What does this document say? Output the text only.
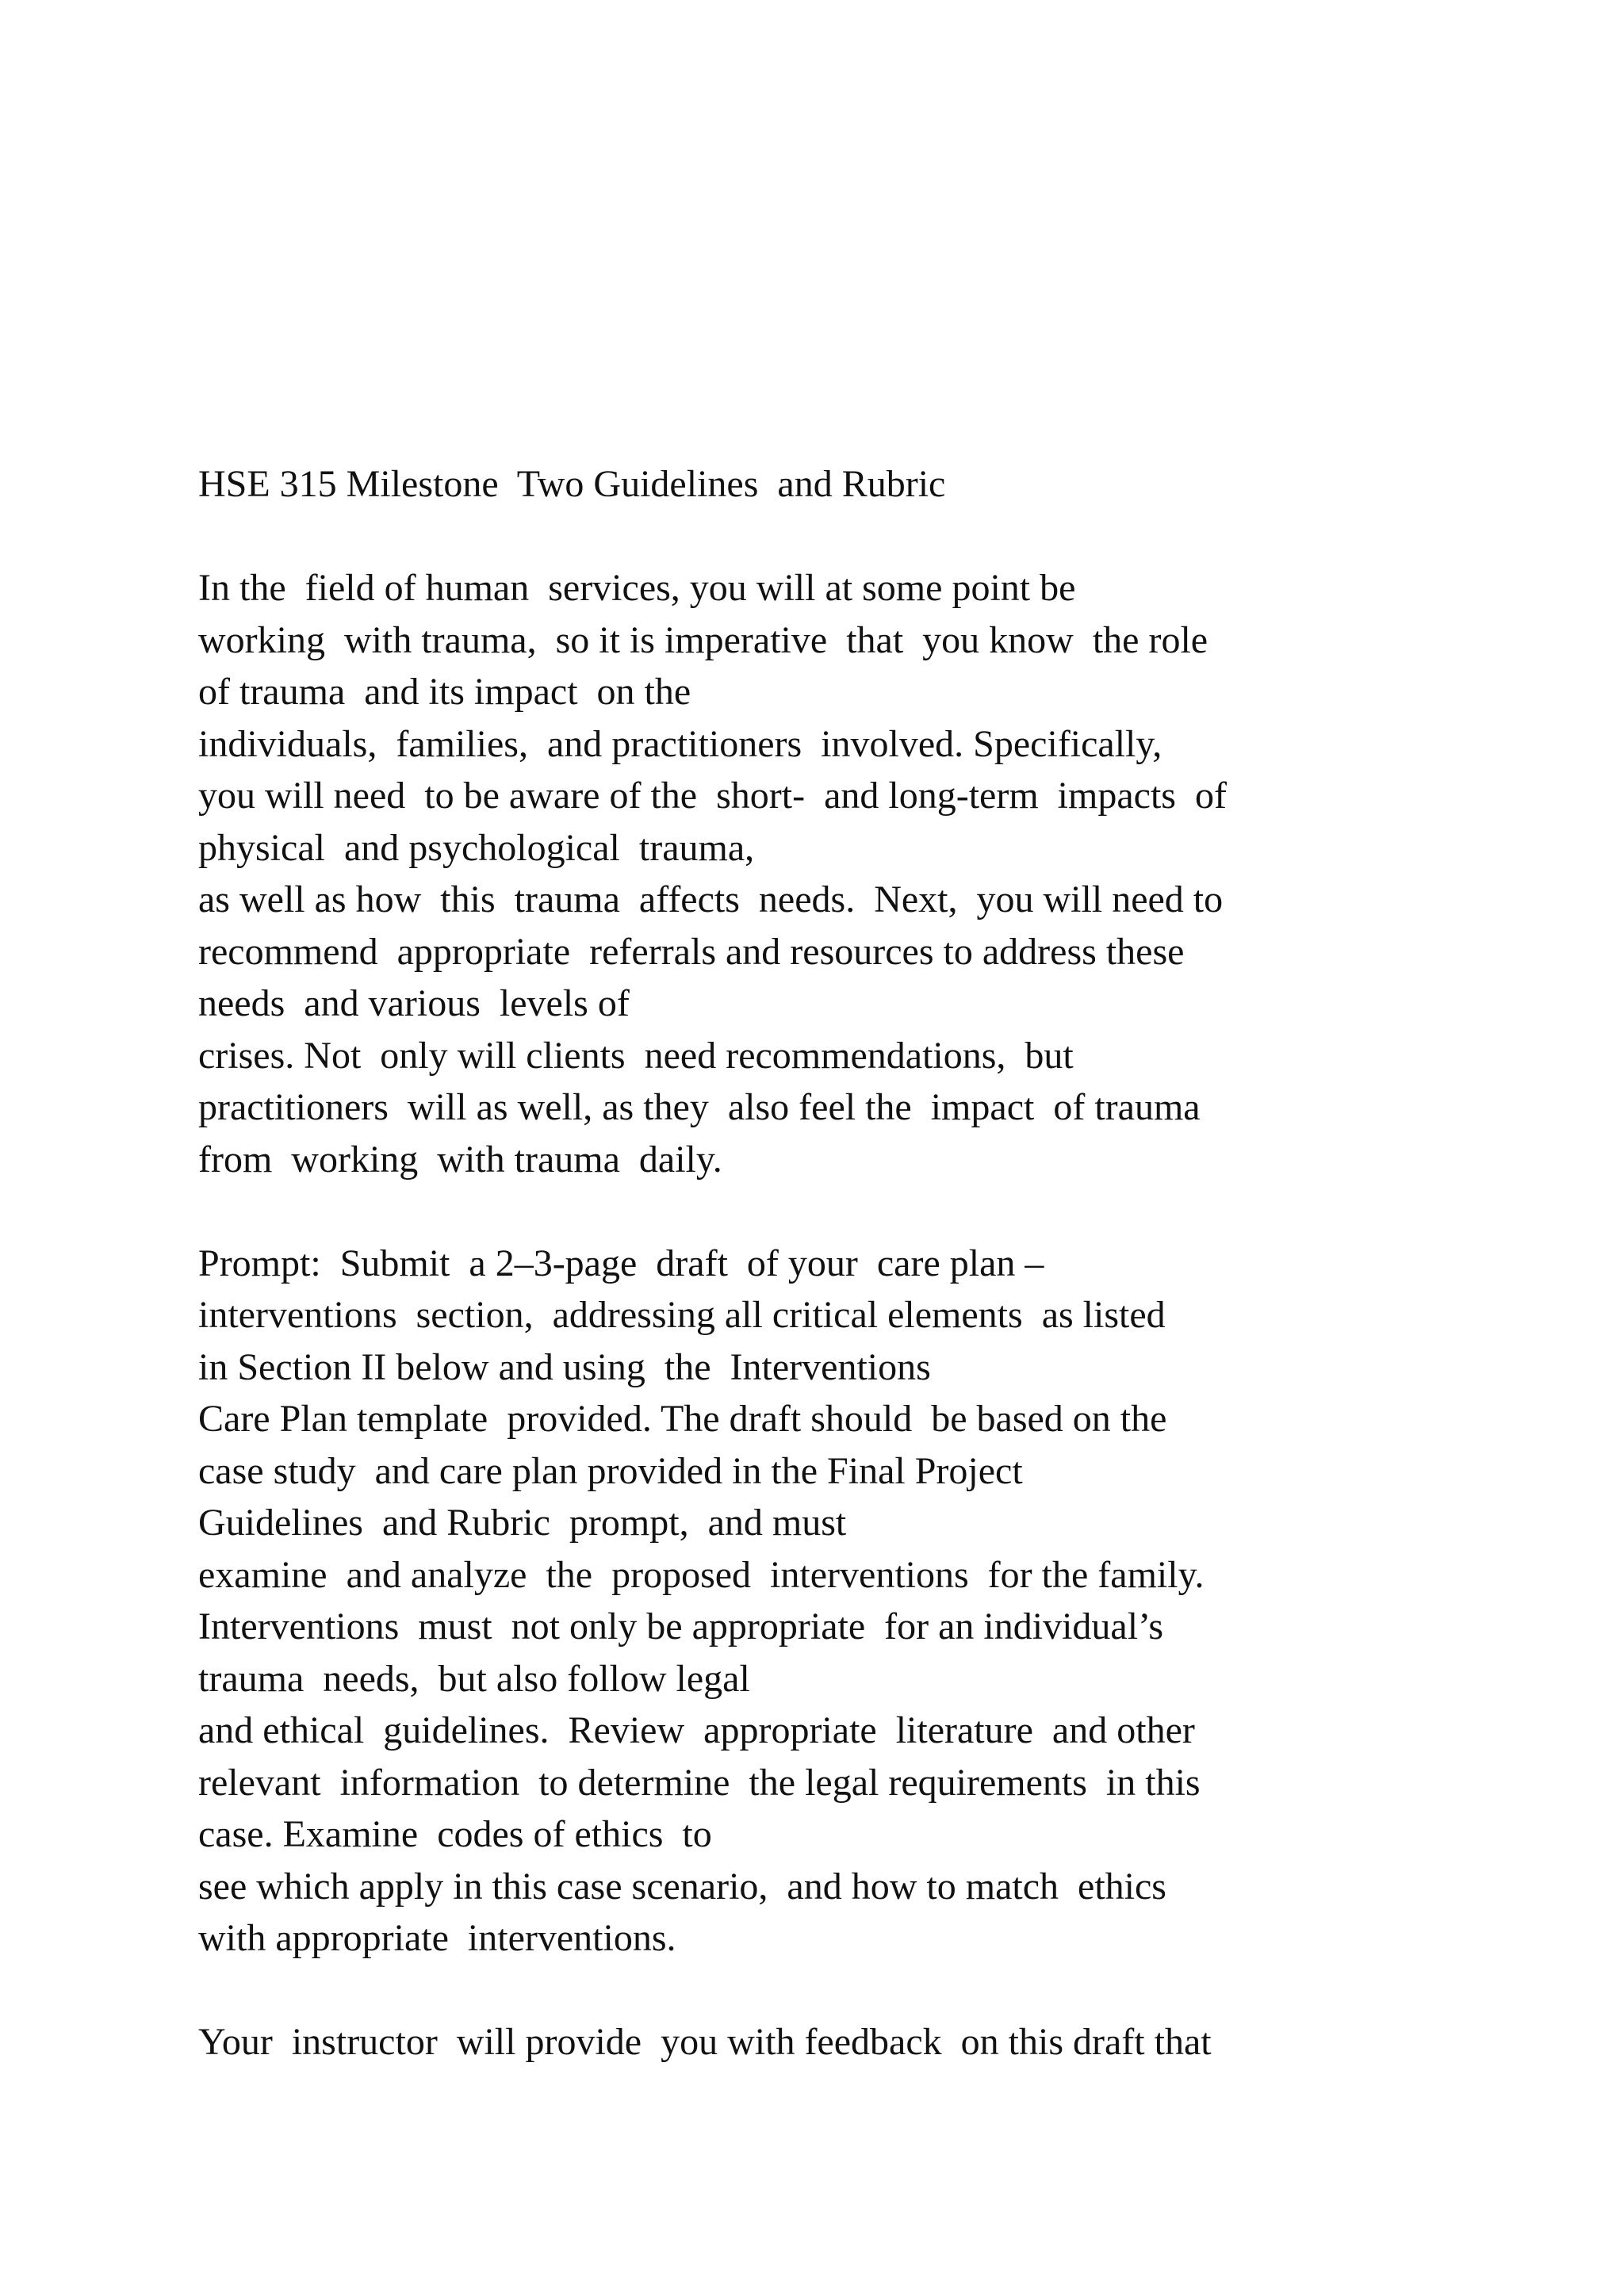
HSE 315 Milestone  Two Guidelines  and Rubric
In the  field of human  services, you will at some point be
working  with trauma,  so it is imperative  that  you know  the role
of trauma  and its impact  on the
individuals,  families,  and practitioners  involved. Specifically,
you will need  to be aware of the  short-  and long-term  impacts  of
physical  and psychological  trauma,
as well as how  this  trauma  affects  needs.  Next,  you will need to
recommend  appropriate  referrals and resources to address these
needs  and various  levels of
crises. Not  only will clients  need recommendations,  but
practitioners  will as well, as they  also feel the  impact  of trauma
from  working  with trauma  daily.
Prompt:  Submit  a 2–3-page  draft  of your  care plan –
interventions  section,  addressing all critical elements  as listed
in Section II below and using  the  Interventions
Care Plan template  provided. The draft should  be based on the
case study  and care plan provided in the Final Project
Guidelines  and Rubric  prompt,  and must
examine  and analyze  the  proposed  interventions  for the family.
Interventions  must  not only be appropriate  for an individual’s
trauma  needs,  but also follow legal
and ethical  guidelines.  Review  appropriate  literature  and other
relevant  information  to determine  the legal requirements  in this
case. Examine  codes of ethics  to
see which apply in this case scenario,  and how to match  ethics
with appropriate  interventions.
Your  instructor  will provide  you with feedback  on this draft that
